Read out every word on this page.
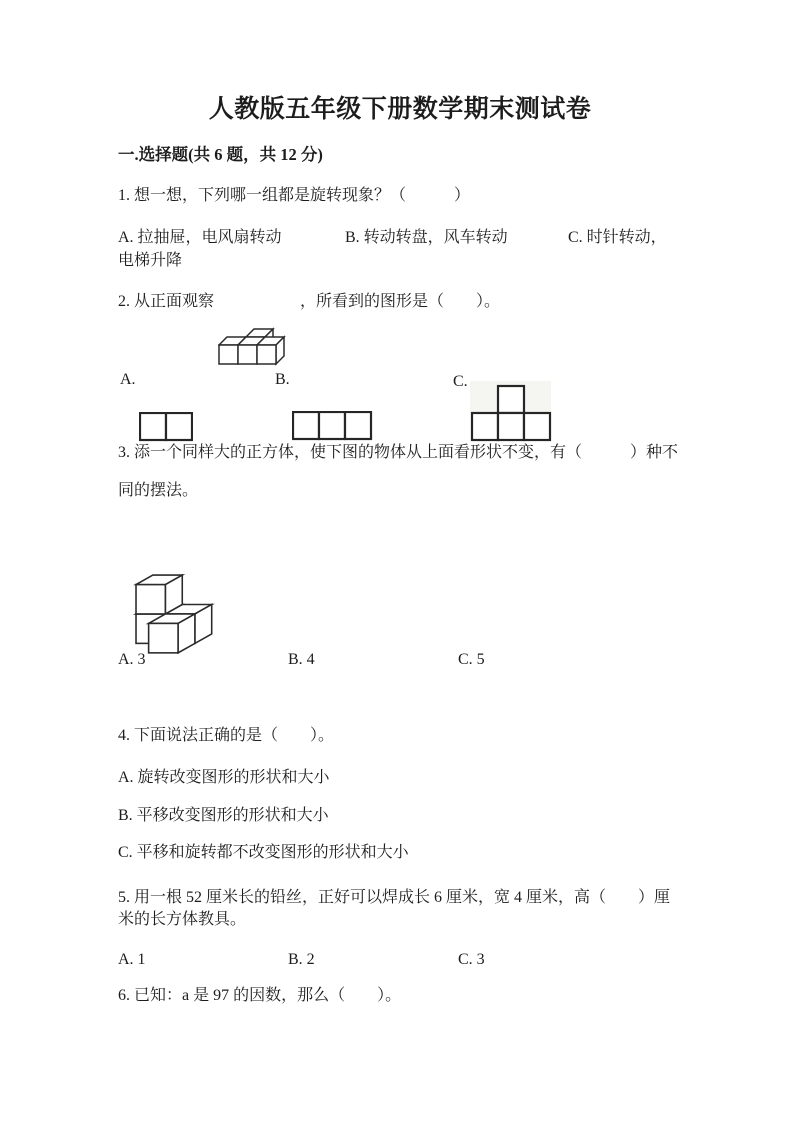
人教版五年级下册数学期末测试卷
一.选择题(共 6 题，共 12 分)
1. 想一想，下列哪一组都是旋转现象？（　　　）
A. 拉抽屉，电风扇转动	B. 转动转盘，风车转动	C. 时针转动，
电梯升降
2. 从正面观察

	，所看到的图形是（　　）。
A.

	B.

	C.

3. 添一个同样大的正方体，使下图的物体从上面看形状不变，有（　　　）种不
同的摆法。

A. 3	B. 4	C. 5
4. 下面说法正确的是（　　）。
A. 旋转改变图形的形状和大小
B. 平移改变图形的形状和大小
C. 平移和旋转都不改变图形的形状和大小
5. 用一根 52 厘米长的铅丝，正好可以焊成长 6 厘米，宽 4 厘米，高（　　）厘
米的长方体教具。
A. 1	B. 2	C. 3
6. 已知：a 是 97 的因数，那么（　　）。
